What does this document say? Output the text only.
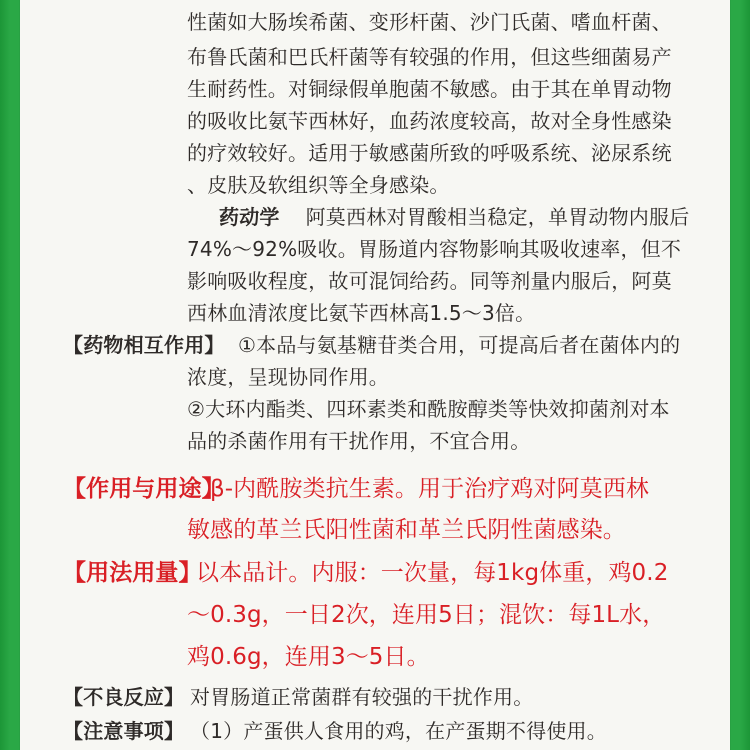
性菌如大肠埃希菌、变形杆菌、沙门氏菌、嗜血杆菌、
布鲁氏菌和巴氏杆菌等有较强的作用，但这些细菌易产
生耐药性。对铜绿假单胞菌不敏感。由于其在单胃动物
的吸收比氨苄西林好，血药浓度较高，故对全身性感染
的疗效较好。适用于敏感菌所致的呼吸系统、泌尿系统
、皮肤及软组织等全身感染。
药动学 阿莫西林对胃酸相当稳定，单胃动物内服后
74%～92%吸收。胃肠道内容物影响其吸收速率，但不
影响吸收程度，故可混饲给药。同等剂量内服后，阿莫
西林血清浓度比氨苄西林高1.5～3倍。
【药物相互作用】 ①本品与氨基糖苷类合用，可提高后者在菌体内的
浓度，呈现协同作用。
②大环内酯类、四环素类和酰胺醇类等快效抑菌剂对本
品的杀菌作用有干扰作用，不宜合用。
【作用与用途】
β-内酰胺类抗生素。用于治疗鸡对阿莫西林
敏感的革兰氏阳性菌和革兰氏阴性菌感染。
【用法用量】
以本品计。内服：一次量，每1kg体重，鸡0.2
～0.3g，一日2次，连用5日；混饮：每1L水，
鸡0.6g，连用3～5日。
【不良反应】 对胃肠道正常菌群有较强的干扰作用。
【注意事项】 （1）产蛋供人食用的鸡，在产蛋期不得使用。
